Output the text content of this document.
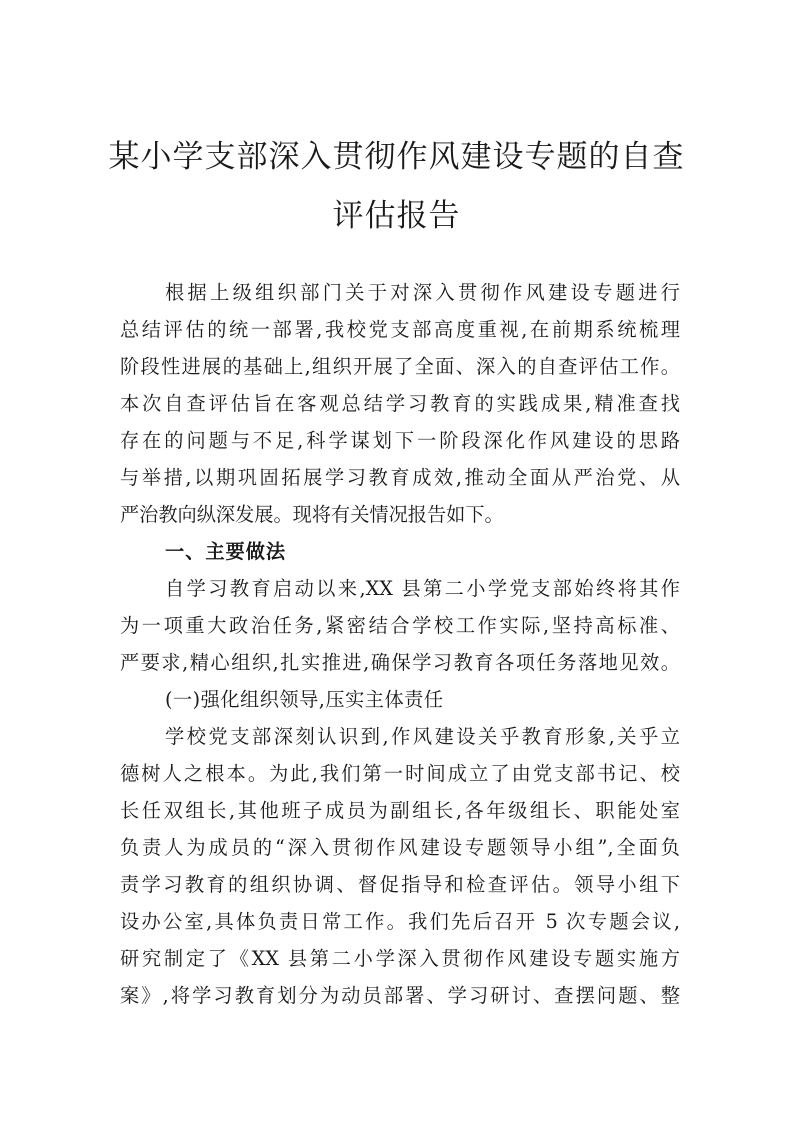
某小学支部深入贯彻作风建设专题的自查
评估报告
根据上级组织部门关于对深入贯彻作风建设专题进行
总结评估的统一部署,我校党支部高度重视,在前期系统梳理
阶段性进展的基础上,组织开展了全面、深入的自查评估工作。
本次自查评估旨在客观总结学习教育的实践成果,精准查找
存在的问题与不足,科学谋划下一阶段深化作风建设的思路
与举措,以期巩固拓展学习教育成效,推动全面从严治党、从
严治教向纵深发展。现将有关情况报告如下。
一、主要做法
自学习教育启动以来,XX 县第二小学党支部始终将其作
为一项重大政治任务,紧密结合学校工作实际,坚持高标准、
严要求,精心组织,扎实推进,确保学习教育各项任务落地见效。
(一)强化组织领导,压实主体责任
学校党支部深刻认识到,作风建设关乎教育形象,关乎立
德树人之根本。为此,我们第一时间成立了由党支部书记、校
长任双组长,其他班子成员为副组长,各年级组长、职能处室
负责人为成员的“深入贯彻作风建设专题领导小组”,全面负
责学习教育的组织协调、督促指导和检查评估。领导小组下
设办公室,具体负责日常工作。我们先后召开 5 次专题会议,
研究制定了《XX 县第二小学深入贯彻作风建设专题实施方
案》,将学习教育划分为动员部署、学习研讨、查摆问题、整
